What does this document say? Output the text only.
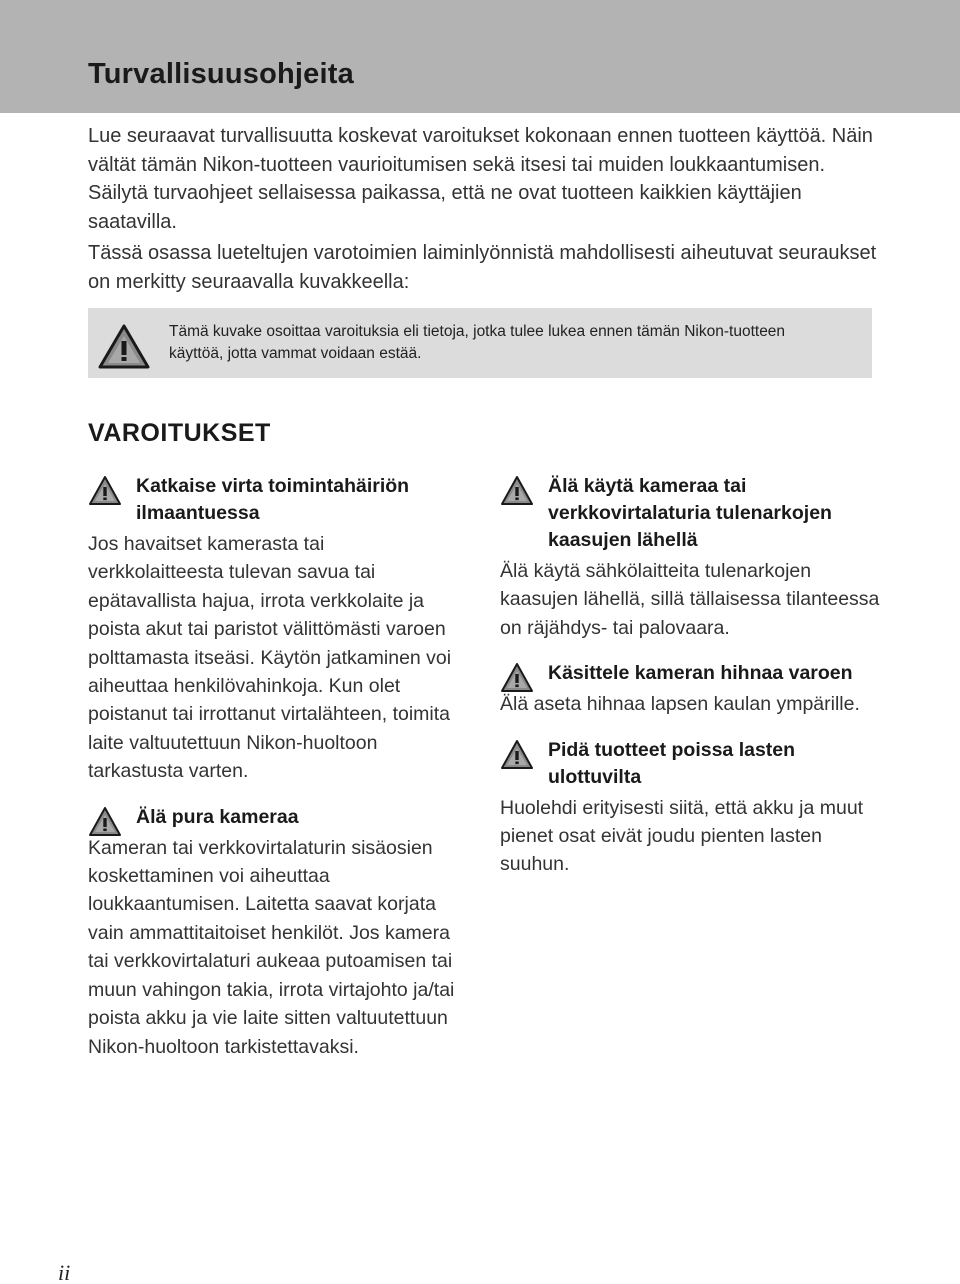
Turvallisuusohjeita

Lue seuraavat turvallisuutta koskevat varoitukset kokonaan ennen tuotteen käyttöä. Näin vältät tämän Nikon-tuotteen vaurioitumisen sekä itsesi tai muiden loukkaantumisen. Säilytä turvaohjeet sellaisessa paikassa, että ne ovat tuotteen kaikkien käyttäjien saatavilla.

Tässä osassa lueteltujen varotoimien laiminlyönnistä mahdollisesti aiheutuvat seuraukset on merkitty seuraavalla kuvakkeella:

Tämä kuvake osoittaa varoituksia eli tietoja, jotka tulee lukea ennen tämän Nikon-tuotteen käyttöä, jotta vammat voidaan estää.
VAROITUKSET
Katkaise virta toimintahäiriön ilmaantuessa
Jos havaitset kamerasta tai verkkolaitteesta tulevan savua tai epätavallista hajua, irrota verkkolaite ja poista akut tai paristot välittömästi varoen polttamasta itseäsi. Käytön jatkaminen voi aiheuttaa henkilövahinkoja. Kun olet poistanut tai irrottanut virtalähteen, toimita laite valtuutettuun Nikon-huoltoon tarkastusta varten.
Älä pura kameraa
Kameran tai verkkovirtalaturin sisäosien koskettaminen voi aiheuttaa loukkaantumisen. Laitetta saavat korjata vain ammattitaitoiset henkilöt. Jos kamera tai verkkovirtalaturi aukeaa putoamisen tai muun vahingon takia, irrota virtajohto ja/tai poista akku ja vie laite sitten valtuutettuun Nikon-huoltoon tarkistettavaksi.
Älä käytä kameraa tai verkkovirtalaturia tulenarkojen kaasujen lähellä
Älä käytä sähkölaitteita tulenarkojen kaasujen lähellä, sillä tällaisessa tilanteessa on räjähdys- tai palovaara.
Käsittele kameran hihnaa varoen
Älä aseta hihnaa lapsen kaulan ympärille.
Pidä tuotteet poissa lasten ulottuvilta
Huolehdi erityisesti siitä, että akku ja muut pienet osat eivät joudu pienten lasten suuhun.
ii
